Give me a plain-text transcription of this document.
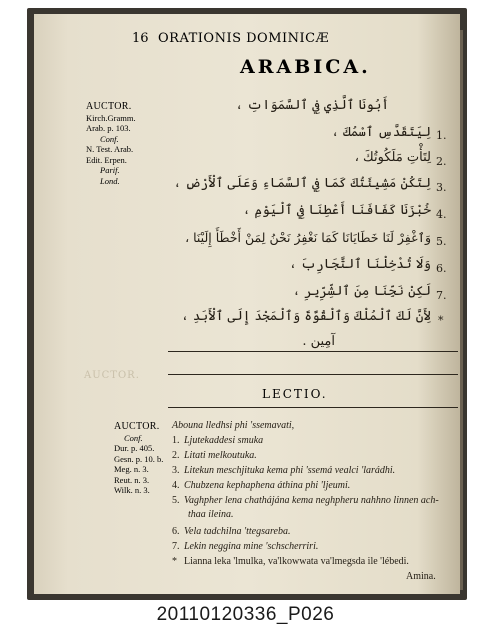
16 ORATIONIS DOMINICÆ
ARABICA.
AUCTOR.
Kirch.Gramm.
Arab. p. 103.
Conf.
N. Test. Arab.
Edit. Erpen.
Parif.
Lond.
AUCTOR.
أَبُونَا ٱلَّذِي فِي ٱلسَّمَوَاتِ ،
1.
لِيَتَقَدَّسِ ٱسْمُكَ ،
2.
لِتَأْتِ مَلَكُوتُكَ ،
3.
لِتَكُنْ مَشِيئَتُكَ كَمَا فِي ٱلسَّمَاءِ وَعَلَى ٱلْأَرْضِ ،
4.
خُبْزَنَا كَفَافَنَا أَعْطِنَا فِي ٱلْيَوْمِ ،
5.
وَٱغْفِرْ لَنَا خَطَايَانَا كَمَا نَغْفِرُ نَحْنُ لِمَنْ أَخْطَأَ إِلَيْنَا ،
6.
وَلَا تُدْخِلْنَا ٱلتَّجَارِبَ ،
7.
لَكِنْ نَجِّنَا مِنَ ٱلشِّرِّيرِ ،
*
لِأَنَّ لَكَ ٱلْمُلْكَ وَٱلْقُوَّةَ وَٱلْمَجْدَ إِلَى ٱلْأَبَدِ ،
آمِين .
LECTIO.
AUCTOR.
Conf.
Dur. p. 405.
Gesn. p. 10. b.
Meg. n. 3.
Reut. n. 3.
Wilk. n. 3.
Abouna lledhsi phi 'ssemavati,
1. Ljutekaddesi smuka
2. Litati melkoutuka.
3. Litekun meschjituka kema phi 'ssemá vealci 'larádhi.
4. Chubzena kephaphena áthina phi 'ljeumi.
5. Vaghpher lena chathájána kema neghpheru nahhno linnen ach-
thaa ileina.
6. Vela tadchilna 'ttegsareba.
7. Lekin neggina mine 'schscherriri.
* Lianna leka 'lmulka, va'lkowwata va'lmegsda ile 'lébedi.
Amina.
20110120336_P026
